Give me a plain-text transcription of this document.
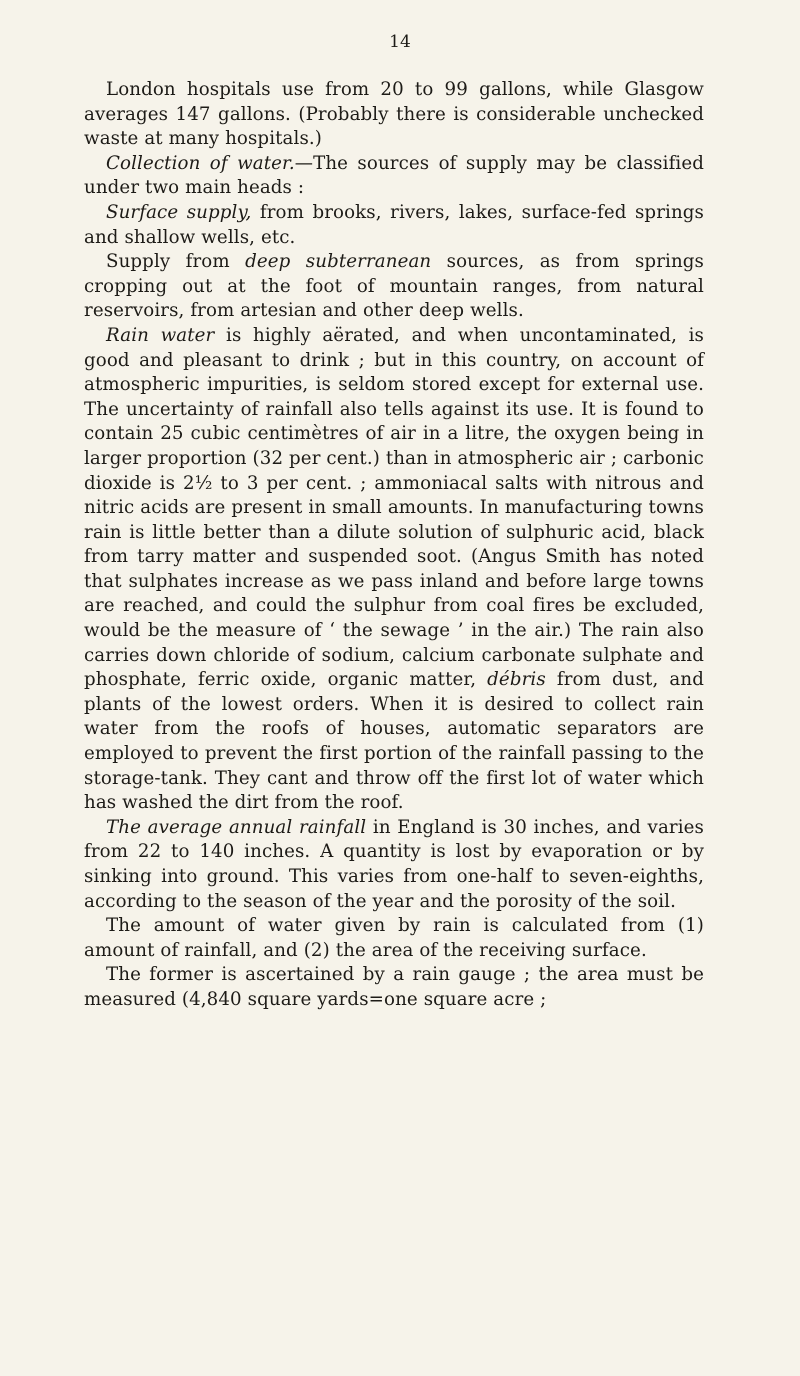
14

London hospitals use from 20 to 99 gallons, while Glasgow averages 147 gallons. (Probably there is considerable unchecked waste at many hospitals.)

Collection of water.—The sources of supply may be classified under two main heads :

Surface supply, from brooks, rivers, lakes, surface-fed springs and shallow wells, etc.

Supply from deep subterranean sources, as from springs cropping out at the foot of mountain ranges, from natural reservoirs, from artesian and other deep wells.

Rain water is highly aërated, and when uncontaminated, is good and pleasant to drink ; but in this country, on account of atmospheric impurities, is seldom stored except for external use. The uncertainty of rainfall also tells against its use. It is found to contain 25 cubic centimètres of air in a litre, the oxygen being in larger proportion (32 per cent.) than in atmospheric air ; carbonic dioxide is 2½ to 3 per cent. ; ammoniacal salts with nitrous and nitric acids are present in small amounts. In manufacturing towns rain is little better than a dilute solution of sulphuric acid, black from tarry matter and suspended soot. (Angus Smith has noted that sulphates increase as we pass inland and before large towns are reached, and could the sulphur from coal fires be excluded, would be the measure of ‘ the sewage ’ in the air.) The rain also carries down chloride of sodium, calcium carbonate sulphate and phosphate, ferric oxide, organic matter, débris from dust, and plants of the lowest orders. When it is desired to collect rain water from the roofs of houses, automatic separators are employed to prevent the first portion of the rainfall passing to the storage-tank. They cant and throw off the first lot of water which has washed the dirt from the roof.

The average annual rainfall in England is 30 inches, and varies from 22 to 140 inches. A quantity is lost by evaporation or by sinking into ground. This varies from one-half to seven-eighths, according to the season of the year and the porosity of the soil.

The amount of water given by rain is calculated from (1) amount of rainfall, and (2) the area of the receiving surface.

The former is ascertained by a rain gauge ; the area must be measured (4,840 square yards=one square acre ;
